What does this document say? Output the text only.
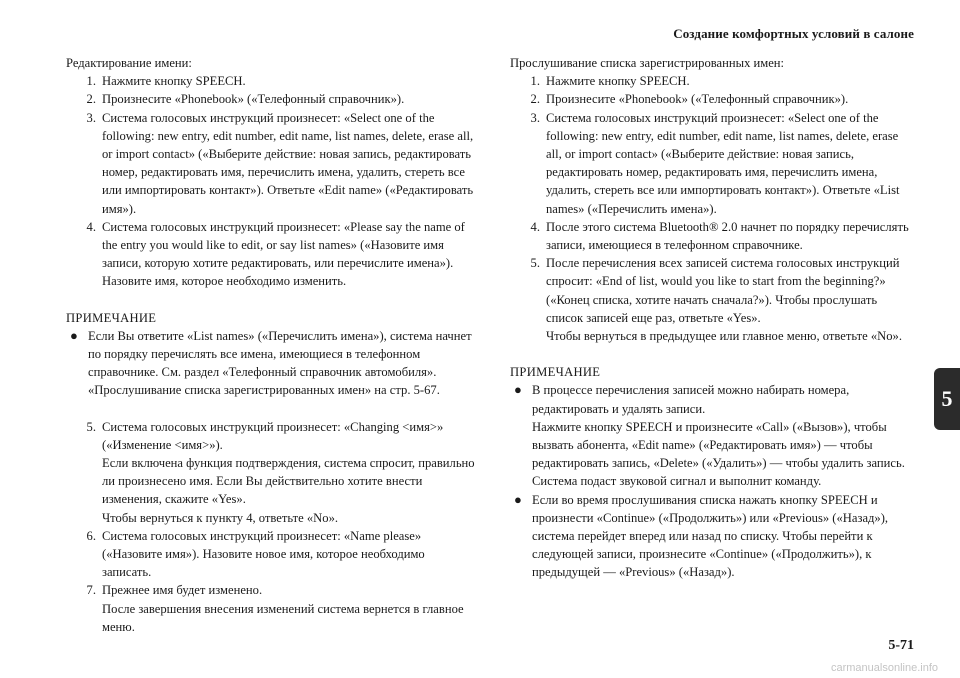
Создание комфортных условий в салоне
5

Редактирование имени:

1. Нажмите кнопку SPEECH.
2. Произнесите «Phonebook» («Телефонный справочник»).
3. Система голосовых инструкций произнесет: «Select one of the following: new entry, edit number, edit name, list names, delete, erase all, or import contact» («Выберите действие: новая запись, редактировать номер, редактировать имя, перечислить имена, удалить, стереть все или импортировать контакт»). Ответьте «Edit name» («Редактировать имя»).
4. Система голосовых инструкций произнесет: «Please say the name of the entry you would like to edit, or say list names» («Назовите имя записи, которую хотите редактировать, или перечислите имена»). Назовите имя, которое необходимо изменить.

ПРИМЕЧАНИЕ

● Если Вы ответите «List names» («Перечислить имена»), система начнет по порядку перечислять все имена, имеющиеся в телефонном справочнике. См. раздел «Телефонный справочник автомобиля». «Прослушивание списка зарегистрированных имен» на стр. 5-67.
5. Система голосовых инструкций произнесет: «Changing <имя>» («Изменение <имя>»).
Если включена функция подтверждения, система спросит, правильно ли произнесено имя. Если Вы действительно хотите внести изменения, скажите «Yes».
Чтобы вернуться к пункту 4, ответьте «No».
6. Система голосовых инструкций произнесет: «Name please» («Назовите имя»). Назовите новое имя, которое необходимо записать.
7. Прежнее имя будет изменено.
После завершения внесения изменений система вернется в главное меню.

Прослушивание списка зарегистрированных имен:

1. Нажмите кнопку SPEECH.
2. Произнесите «Phonebook» («Телефонный справочник»).
3. Система голосовых инструкций произнесет: «Select one of the following: new entry, edit number, edit name, list names, delete, erase all, or import contact» («Выберите действие: новая запись, редактировать номер, редактировать имя, перечислить имена, удалить, стереть все или импортировать контакт»). Ответьте «List names» («Перечислить имена»).
4. После этого система Bluetooth® 2.0 начнет по порядку перечислять записи, имеющиеся в телефонном справочнике.
5. После перечисления всех записей система голосовых инструкций спросит: «End of list, would you like to start from the beginning?» («Конец списка, хотите начать сначала?»). Чтобы прослушать список записей еще раз, ответьте «Yes».
Чтобы вернуться в предыдущее или главное меню, ответьте «No».

ПРИМЕЧАНИЕ

● В процессе перечисления записей можно набирать номера, редактировать и удалять записи.
Нажмите кнопку SPEECH и произнесите «Call» («Вызов»), чтобы вызвать абонента, «Edit name» («Редактировать имя») — чтобы редактировать запись, «Delete» («Удалить») — чтобы удалить запись.
Система подаст звуковой сигнал и выполнит команду.
● Если во время прослушивания списка нажать кнопку SPEECH и произнести «Continue» («Продолжить») или «Previous» («Назад»), система перейдет вперед или назад по списку. Чтобы перейти к следующей записи, произнесите «Continue» («Продолжить»), к предыдущей — «Previous» («Назад»).
5-71
carmanualsonline.info
